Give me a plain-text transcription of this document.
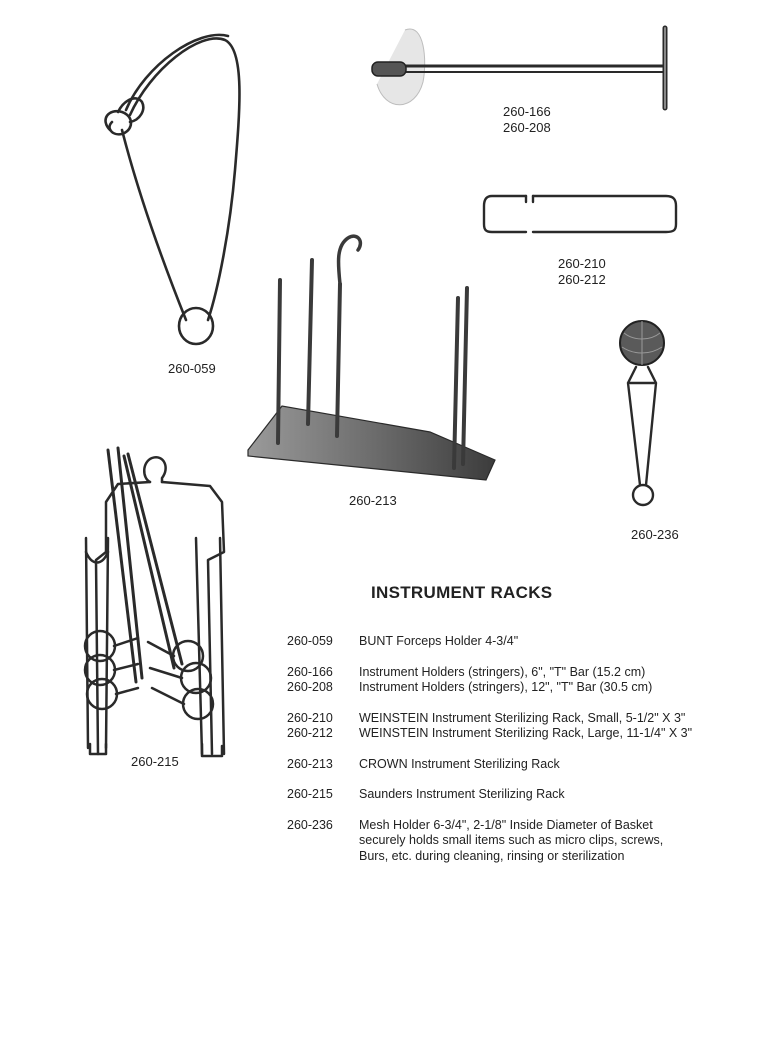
260-059
260-166
260-208
260-210
260-212
260-213
260-236
260-215
INSTRUMENT RACKS
260-059	BUNT Forceps Holder 4-3/4"
260-166	Instrument Holders (stringers), 6", "T" Bar (15.2 cm)
260-208	Instrument Holders (stringers), 12", "T" Bar (30.5 cm)
260-210	WEINSTEIN Instrument Sterilizing Rack, Small, 5-1/2" X 3"
260-212	WEINSTEIN Instrument Sterilizing Rack, Large, 11-1/4" X 3"
260-213	CROWN Instrument Sterilizing Rack
260-215	Saunders Instrument Sterilizing Rack
260-236	Mesh Holder 6-3/4", 2-1/8" Inside Diameter of Basket
securely holds small items such as micro clips, screws,
Burs, etc. during cleaning, rinsing or sterilization
